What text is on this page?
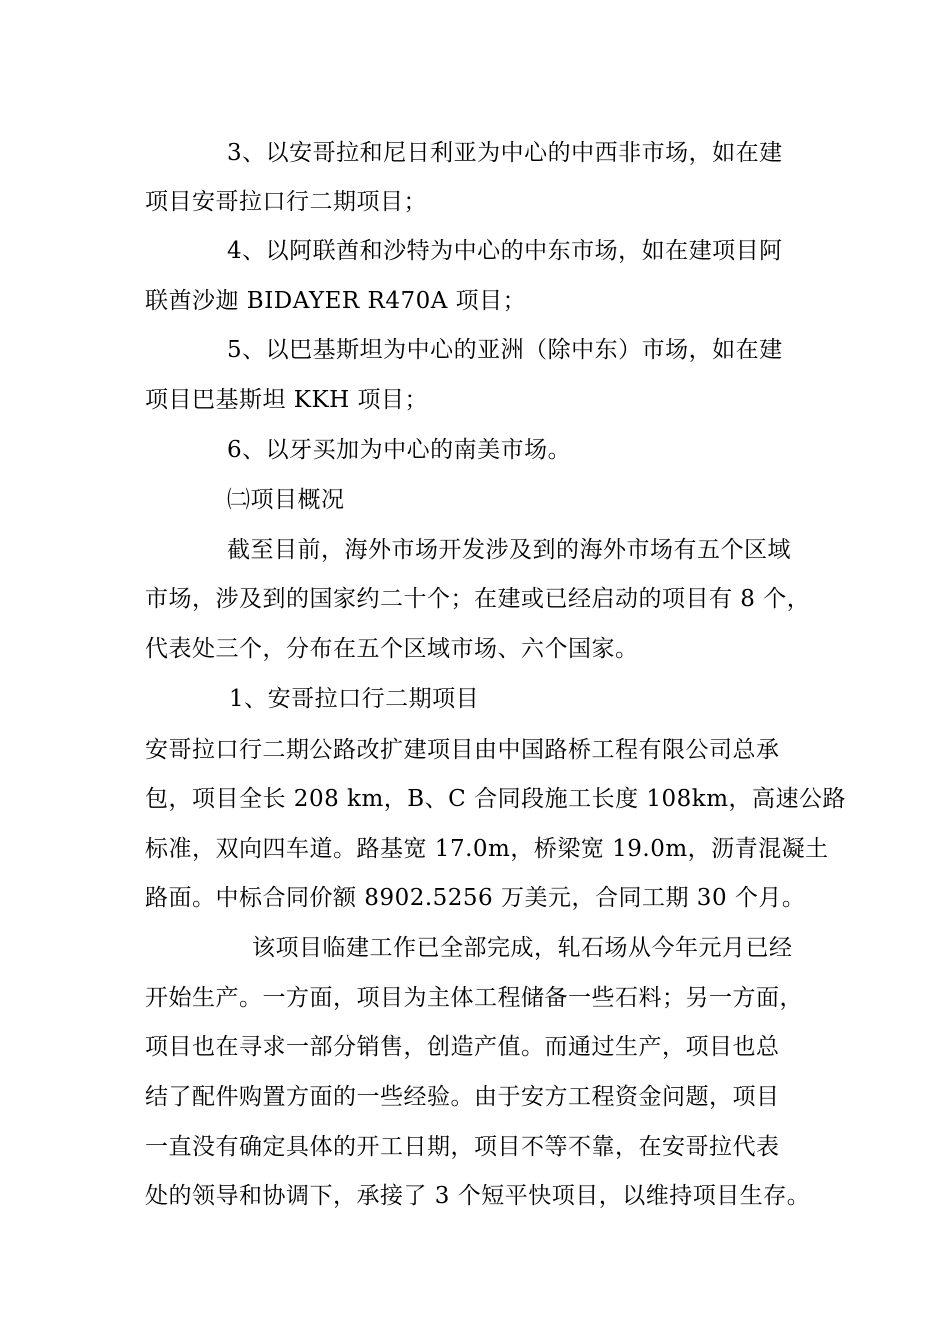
3、以安哥拉和尼日利亚为中心的中西非市场，如在建
项目安哥拉口行二期项目；
4、以阿联酋和沙特为中心的中东市场，如在建项目阿
联酋沙迦 BIDAYER R470A 项目；
5、以巴基斯坦为中心的亚洲（除中东）市场，如在建
项目巴基斯坦 KKH 项目；
6、以牙买加为中心的南美市场。
㈡项目概况
截至目前，海外市场开发涉及到的海外市场有五个区域
市场，涉及到的国家约二十个；在建或已经启动的项目有 8 个，
代表处三个，分布在五个区域市场、六个国家。
1、安哥拉口行二期项目
安哥拉口行二期公路改扩建项目由中国路桥工程有限公司总承
包，项目全长 208 km，B、C 合同段施工长度 108km，高速公路
标准，双向四车道。路基宽 17.0m，桥梁宽 19.0m，沥青混凝土
路面。中标合同价额 8902.5256 万美元，合同工期 30 个月。
该项目临建工作已全部完成，轧石场从今年元月已经
开始生产。一方面，项目为主体工程储备一些石料；另一方面，
项目也在寻求一部分销售，创造产值。而通过生产，项目也总
结了配件购置方面的一些经验。由于安方工程资金问题，项目
一直没有确定具体的开工日期，项目不等不靠，在安哥拉代表
处的领导和协调下，承接了 3 个短平快项目，以维持项目生存。
